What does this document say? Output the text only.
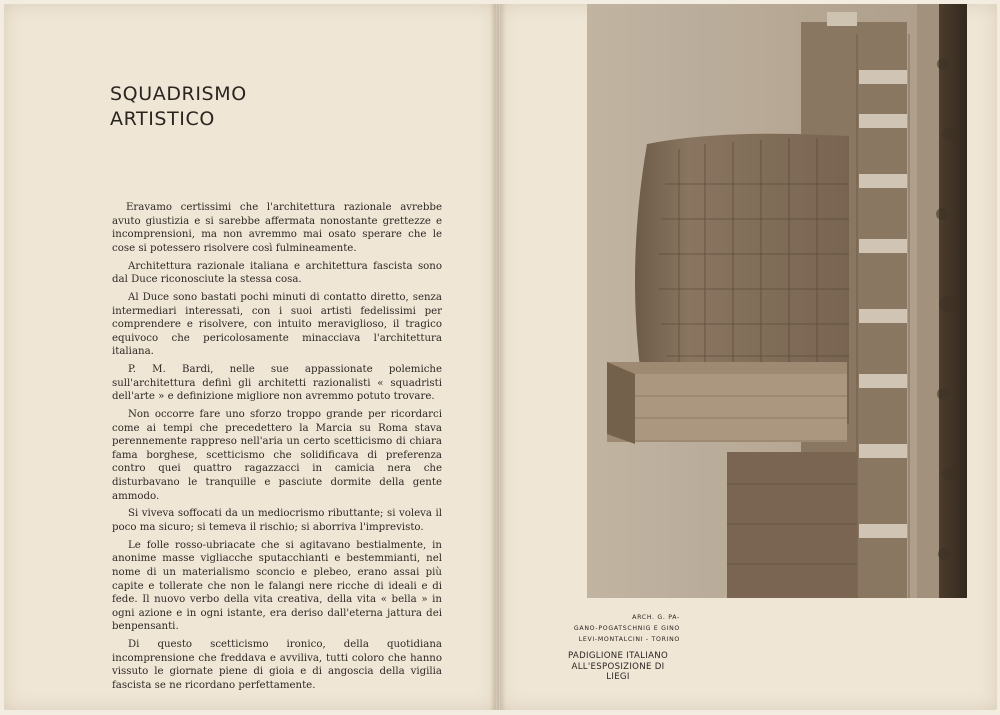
SQUADRISMO
ARTISTICO

Eravamo certissimi che l'architettura razionale avrebbe avuto giustizia e si sarebbe affermata nonostante grettezze e incomprensioni, ma non avremmo mai osato sperare che le cose si potessero risolvere così fulmineamente.

Architettura razionale italiana e architettura fascista sono dal Duce riconosciute la stessa cosa.

Al Duce sono bastati pochi minuti di contatto diretto, senza intermediari interessati, con i suoi artisti fedelissimi per comprendere e risolvere, con intuito meraviglioso, il tragico equivoco che pericolosamente minacciava l'architettura italiana.

P. M. Bardi, nelle sue appassionate polemiche sull'architettura definì gli architetti razionalisti « squadristi dell'arte » e definizione migliore non avremmo potuto trovare.

Non occorre fare uno sforzo troppo grande per ricordarci come ai tempi che precedettero la Marcia su Roma stava perennemente rappreso nell'aria un certo scetticismo di chiara fama borghese, scetticismo che solidificava di preferenza contro quei quattro ragazzacci in camicia nera che disturbavano le tranquille e pasciute dormite della gente ammodo.

Si viveva soffocati da un mediocrismo ributtante; si voleva il poco ma sicuro; si temeva il rischio; si aborriva l'imprevisto.

Le folle rosso-ubriacate che si agitavano bestialmente, in anonime masse vigliacche sputacchianti e bestemmianti, nel nome di un materialismo sconcio e plebeo, erano assai più capite e tollerate che non le falangi nere ricche di ideali e di fede. Il nuovo verbo della vita creativa, della vita « bella » in ogni azione e in ogni istante, era deriso dall'eterna jattura dei benpensanti.

Di questo scetticismo ironico, della quotidiana incomprensione che freddava e avviliva, tutti coloro che hanno vissuto le giornate piene di gioia e di angoscia della vigilia fascista se ne ricordano perfettamente.

ARCH. G. PA-
GANO-POGATSCHNIG E GINO
LEVI-MONTALCINI - TORINO

PADIGLIONE ITALIANO
ALL'ESPOSIZIONE DI
LIEGI
